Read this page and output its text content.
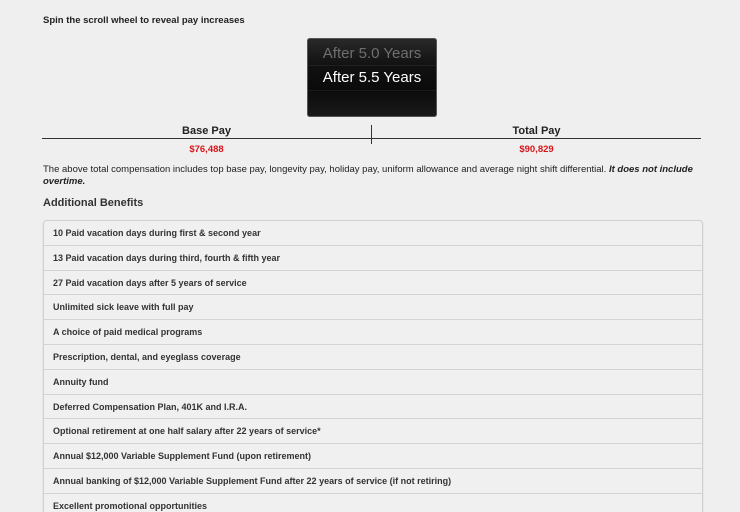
Spin the scroll wheel to reveal pay increases
After 5.0 Years
After 5.5 Years
Base Pay
$76,488
Total Pay
$90,829
The above total compensation includes top base pay, longevity pay, holiday pay, uniform allowance and average night shift differential. It does not include overtime.
Additional Benefits
10 Paid vacation days during first & second year
13 Paid vacation days during third, fourth & fifth year
27 Paid vacation days after 5 years of service
Unlimited sick leave with full pay
A choice of paid medical programs
Prescription, dental, and eyeglass coverage
Annuity fund
Deferred Compensation Plan, 401K and I.R.A.
Optional retirement at one half salary after 22 years of service*
Annual $12,000 Variable Supplement Fund (upon retirement)
Annual banking of $12,000 Variable Supplement Fund after 22 years of service (if not retiring)
Excellent promotional opportunities
